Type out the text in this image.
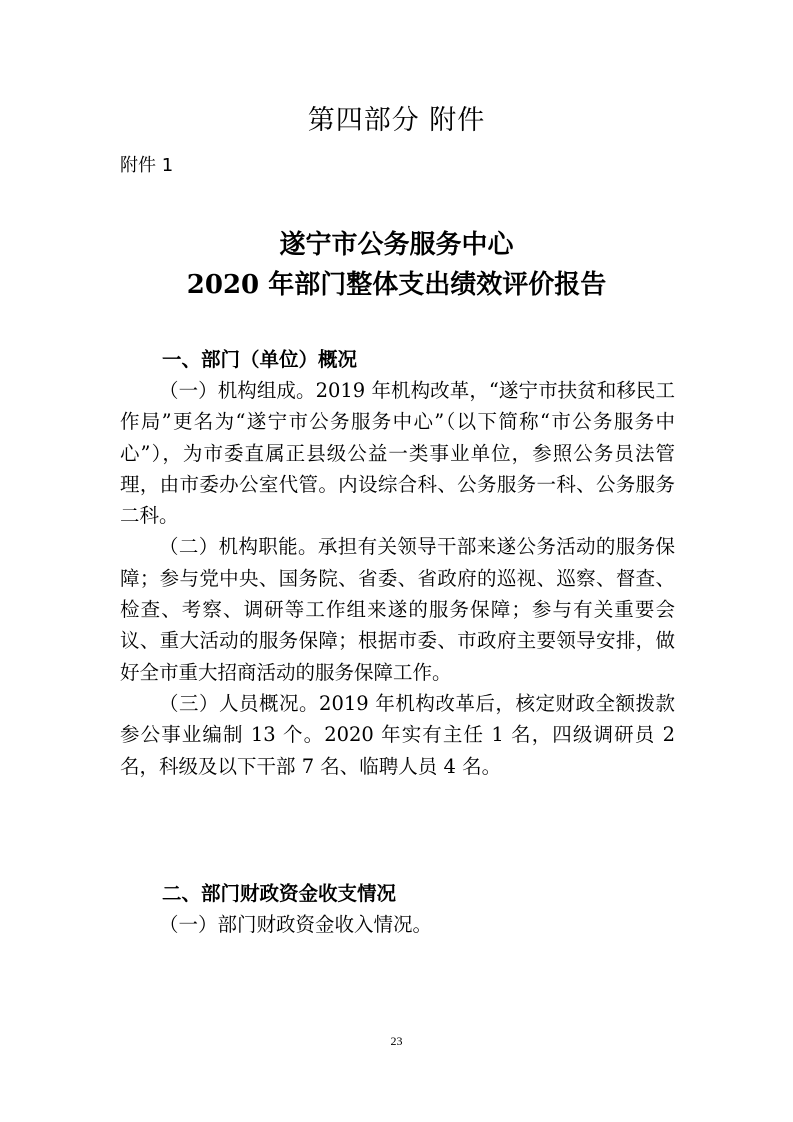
第四部分 附件
附件 1
遂宁市公务服务中心
2020 年部门整体支出绩效评价报告
一、部门（单位）概况

（一）机构组成。2019 年机构改革，“遂宁市扶贫和移民工作局”更名为“遂宁市公务服务中心”（以下简称“市公务服务中心”），为市委直属正县级公益一类事业单位，参照公务员法管理，由市委办公室代管。内设综合科、公务服务一科、公务服务二科。

（二）机构职能。承担有关领导干部来遂公务活动的服务保障；参与党中央、国务院、省委、省政府的巡视、巡察、督查、检查、考察、调研等工作组来遂的服务保障；参与有关重要会议、重大活动的服务保障；根据市委、市政府主要领导安排，做好全市重大招商活动的服务保障工作。

（三）人员概况。2019 年机构改革后，核定财政全额拨款参公事业编制 13 个。2020 年实有主任 1 名，四级调研员 2 名，科级及以下干部 7 名、临聘人员 4 名。

二、部门财政资金收支情况

（一）部门财政资金收入情况。

23
